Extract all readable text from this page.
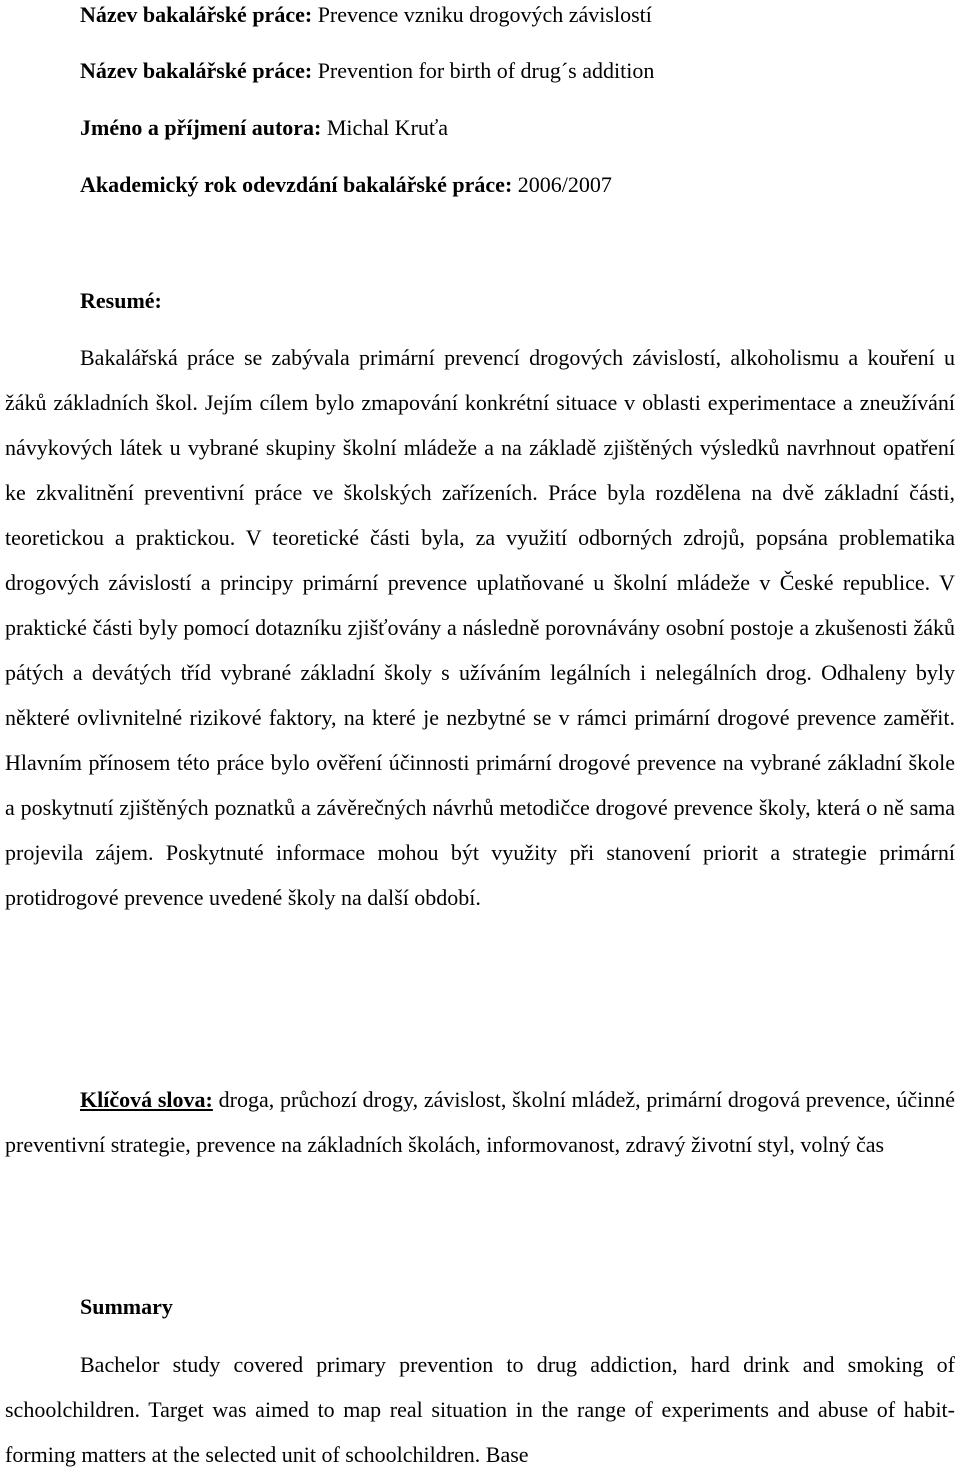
Název bakalářské práce: Prevence vzniku drogových závislostí
Název bakalářské práce: Prevention for birth of drug´s addition
Jméno a příjmení autora: Michal Kruťa
Akademický rok odevzdání bakalářské práce: 2006/2007
Resumé:

Bakalářská práce se zabývala primární prevencí drogových závislostí, alkoholismu a kouření u žáků základních škol. Jejím cílem bylo zmapování konkrétní situace v oblasti experimentace a zneužívání návykových látek u vybrané skupiny školní mládeže a na základě zjištěných výsledků navrhnout opatření ke zkvalitnění preventivní práce ve školských zařízeních. Práce byla rozdělena na dvě základní části, teoretickou a praktickou. V teoretické části byla, za využití odborných zdrojů, popsána problematika drogových závislostí a principy primární prevence uplatňované u školní mládeže v České republice. V praktické části byly pomocí dotazníku zjišťovány a následně porovnávány osobní postoje a zkušenosti žáků pátých a devátých tříd vybrané základní školy s užíváním legálních i nelegálních drog. Odhaleny byly některé ovlivnitelné rizikové faktory, na které je nezbytné se v rámci primární drogové prevence zaměřit. Hlavním přínosem této práce bylo ověření účinnosti primární drogové prevence na vybrané základní škole a poskytnutí zjištěných poznatků a závěrečných návrhů metodičce drogové prevence školy, která o ně sama projevila zájem. Poskytnuté informace mohou být využity při stanovení priorit a strategie primární protidrogové prevence uvedené školy na další období.

Klíčová slova: droga, průchozí drogy, závislost, školní mládež, primární drogová prevence, účinné preventivní strategie, prevence na základních školách, informovanost, zdravý životní styl, volný čas

Summary

Bachelor study covered primary prevention to drug addiction, hard drink and smoking of schoolchildren. Target was aimed to map real situation in the range of experiments and abuse of habit-forming matters at the selected unit of schoolchildren. Base
